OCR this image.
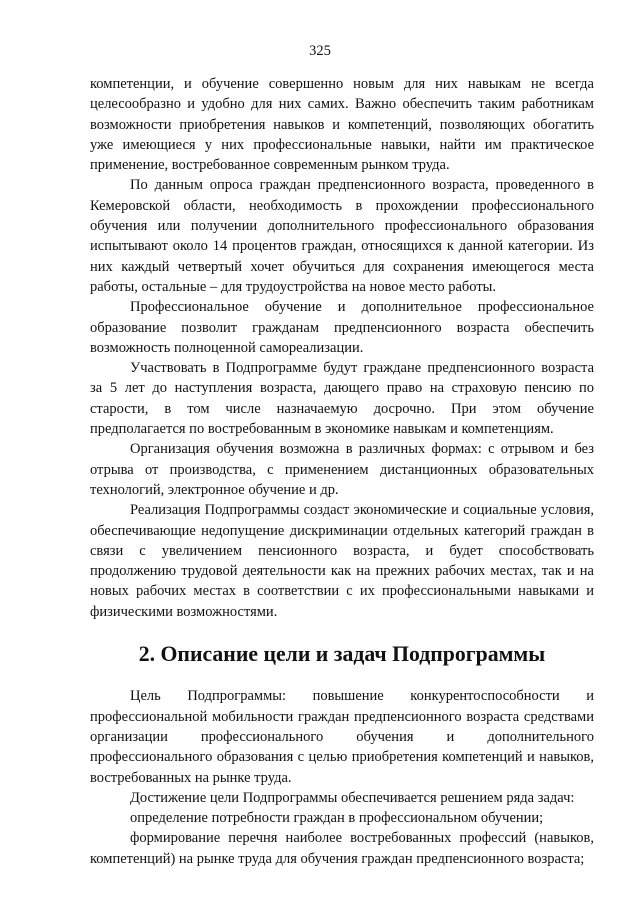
325

компетенции, и обучение совершенно новым для них навыкам не всегда целесообразно и удобно для них самих. Важно обеспечить таким работникам возможности приобретения навыков и компетенций, позволяющих обогатить уже имеющиеся у них профессиональные навыки, найти им практическое применение, востребованное современным рынком труда.

По данным опроса граждан предпенсионного возраста, проведенного в Кемеровской области, необходимость в прохождении профессионального обучения или получении дополнительного профессионального образования испытывают около 14 процентов граждан, относящихся к данной категории. Из них каждый четвертый хочет обучиться для сохранения имеющегося места работы, остальные – для трудоустройства на новое место работы.

Профессиональное обучение и дополнительное профессиональное образование позволит гражданам предпенсионного возраста обеспечить возможность полноценной самореализации.

Участвовать в Подпрограмме будут граждане предпенсионного возраста за 5 лет до наступления возраста, дающего право на страховую пенсию по старости, в том числе назначаемую досрочно. При этом обучение предполагается по востребованным в экономике навыкам и компетенциям.

Организация обучения возможна в различных формах: с отрывом и без отрыва от производства, с применением дистанционных образовательных технологий, электронное обучение и др.

Реализация Подпрограммы создаст экономические и социальные условия, обеспечивающие недопущение дискриминации отдельных категорий граждан в связи с увеличением пенсионного возраста, и будет способствовать продолжению трудовой деятельности как на прежних рабочих местах, так и на новых рабочих местах в соответствии с их профессиональными навыками и физическими возможностями.

2. Описание цели и задач Подпрограммы

Цель Подпрограммы: повышение конкурентоспособности и профессиональной мобильности граждан предпенсионного возраста средствами организации профессионального обучения и дополнительного профессионального образования с целью приобретения компетенций и навыков, востребованных на рынке труда.

Достижение цели Подпрограммы обеспечивается решением ряда задач:

определение потребности граждан в профессиональном обучении;

формирование перечня наиболее востребованных профессий (навыков, компетенций) на рынке труда для обучения граждан предпенсионного возраста;
